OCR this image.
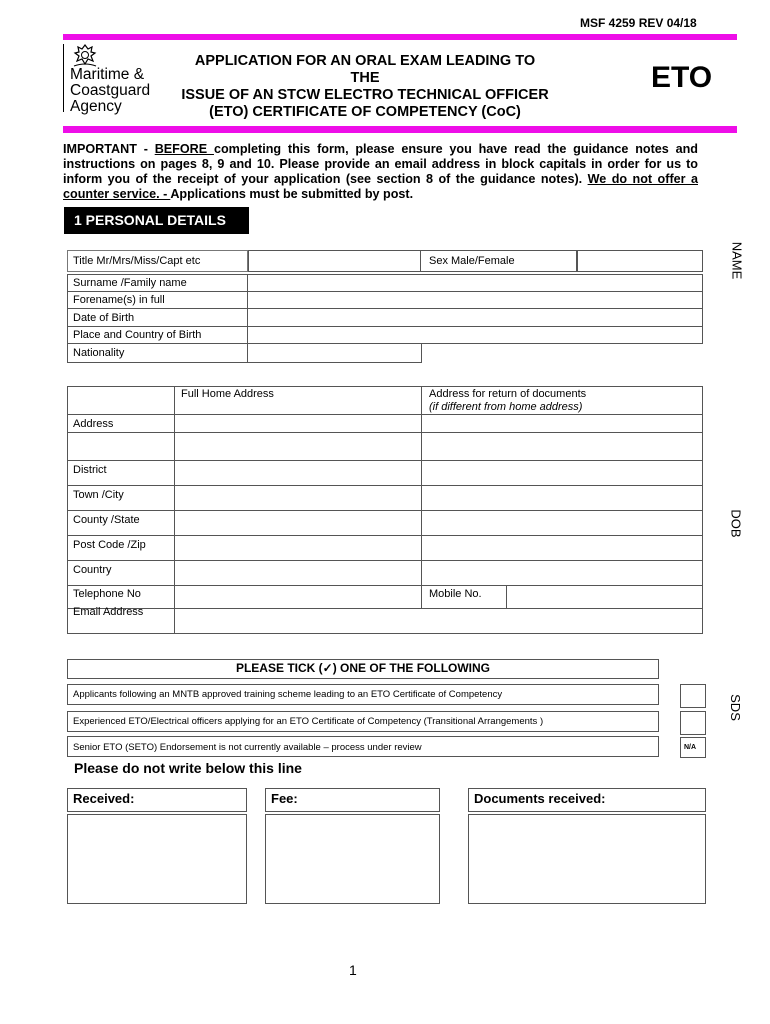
MSF 4259 REV 04/18
Maritime &
Coastguard
Agency
APPLICATION FOR AN ORAL EXAM LEADING TO THE
ISSUE OF AN STCW ELECTRO TECHNICAL OFFICER
(ETO) CERTIFICATE OF COMPETENCY (CoC)
ETO
IMPORTANT - BEFORE completing this form, please ensure you have read the guidance notes and instructions on pages 8, 9 and 10. Please provide an email address in block capitals in order for us to inform you of the receipt of your application (see section 8 of the guidance notes). We do not offer a counter service. - Applications must be submitted by post.
1 PERSONAL DETAILS
NAME
DOB
SDS
Title Mr/Mrs/Miss/Capt etc	Sex Male/Female
Surname /Family name
Forename(s) in full
Date of Birth
Place and Country of Birth
Nationality
Full Home Address	Address for return of documents
(if different from home address)
Address
District
Town /City
County /State
Post Code /Zip
Country
Telephone No	Mobile No.
Email Address
PLEASE TICK (✓) ONE OF THE FOLLOWING
Applicants following an MNTB approved training scheme leading to an ETO Certificate of Competency
Experienced ETO/Electrical officers applying for an ETO Certificate of Competency (Transitional Arrangements )
Senior ETO (SETO) Endorsement is not currently available – process under review	N/A
Please do not write below this line
Received:	Fee:	Documents received:
1
